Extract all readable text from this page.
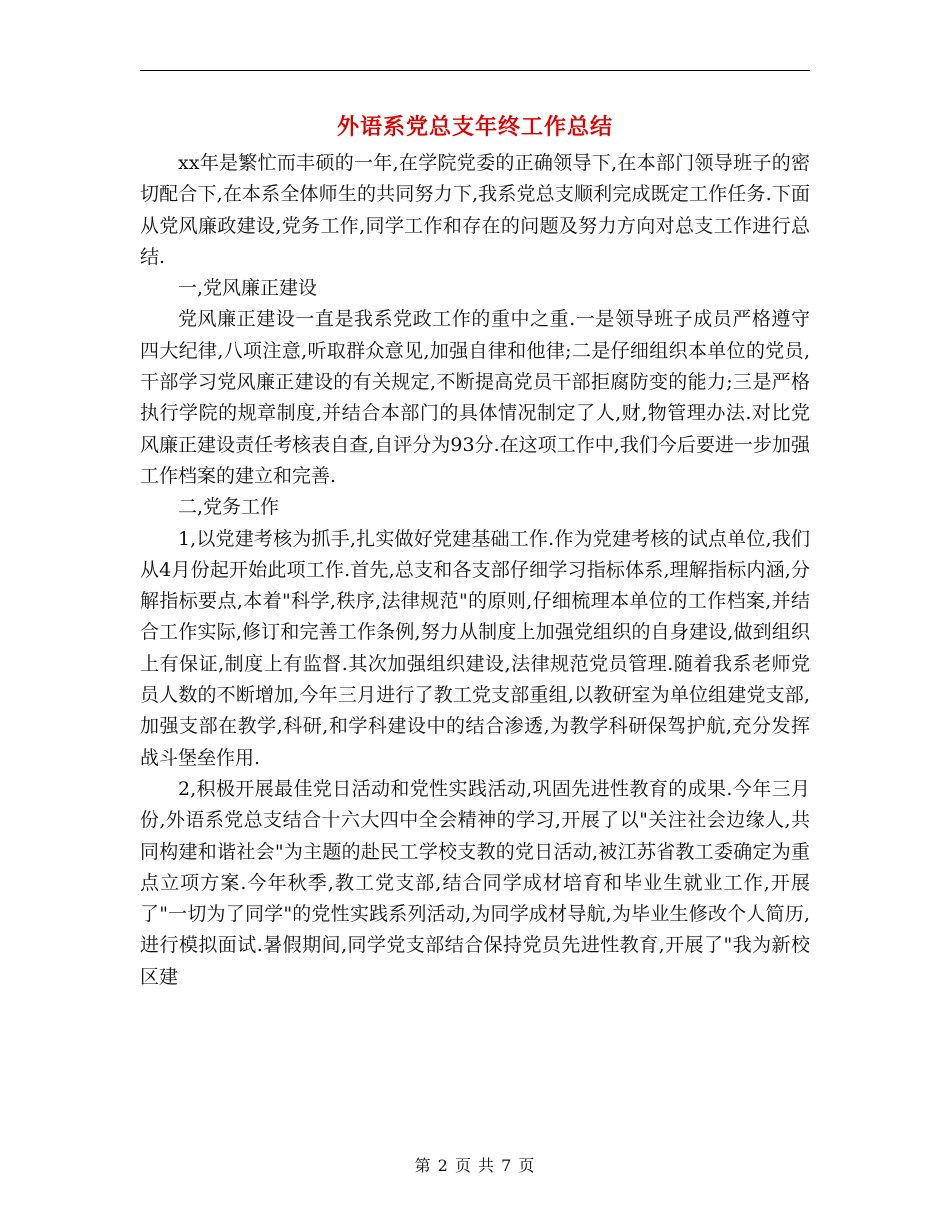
外语系党总支年终工作总结

xx年是繁忙而丰硕的一年,在学院党委的正确领导下,在本部门领导班子的密切配合下,在本系全体师生的共同努力下,我系党总支顺利完成既定工作任务.下面从党风廉政建设,党务工作,同学工作和存在的问题及努力方向对总支工作进行总结.

一,党风廉正建设

党风廉正建设一直是我系党政工作的重中之重.一是领导班子成员严格遵守四大纪律,八项注意,听取群众意见,加强自律和他律;二是仔细组织本单位的党员,干部学习党风廉正建设的有关规定,不断提高党员干部拒腐防变的能力;三是严格执行学院的规章制度,并结合本部门的具体情况制定了人,财,物管理办法.对比党风廉正建设责任考核表自查,自评分为93分.在这项工作中,我们今后要进一步加强工作档案的建立和完善.

二,党务工作

1,以党建考核为抓手,扎实做好党建基础工作.作为党建考核的试点单位,我们从4月份起开始此项工作.首先,总支和各支部仔细学习指标体系,理解指标内涵,分解指标要点,本着"科学,秩序,法律规范"的原则,仔细梳理本单位的工作档案,并结合工作实际,修订和完善工作条例,努力从制度上加强党组织的自身建设,做到组织上有保证,制度上有监督.其次加强组织建设,法律规范党员管理.随着我系老师党员人数的不断增加,今年三月进行了教工党支部重组,以教研室为单位组建党支部,加强支部在教学,科研,和学科建设中的结合渗透,为教学科研保驾护航,充分发挥战斗堡垒作用.

2,积极开展最佳党日活动和党性实践活动,巩固先进性教育的成果.今年三月份,外语系党总支结合十六大四中全会精神的学习,开展了以"关注社会边缘人,共同构建和谐社会"为主题的赴民工学校支教的党日活动,被江苏省教工委确定为重点立项方案.今年秋季,教工党支部,结合同学成材培育和毕业生就业工作,开展了"一切为了同学"的党性实践系列活动,为同学成材导航,为毕业生修改个人简历,进行模拟面试.暑假期间,同学党支部结合保持党员先进性教育,开展了"我为新校区建

第 2 页 共 7 页
